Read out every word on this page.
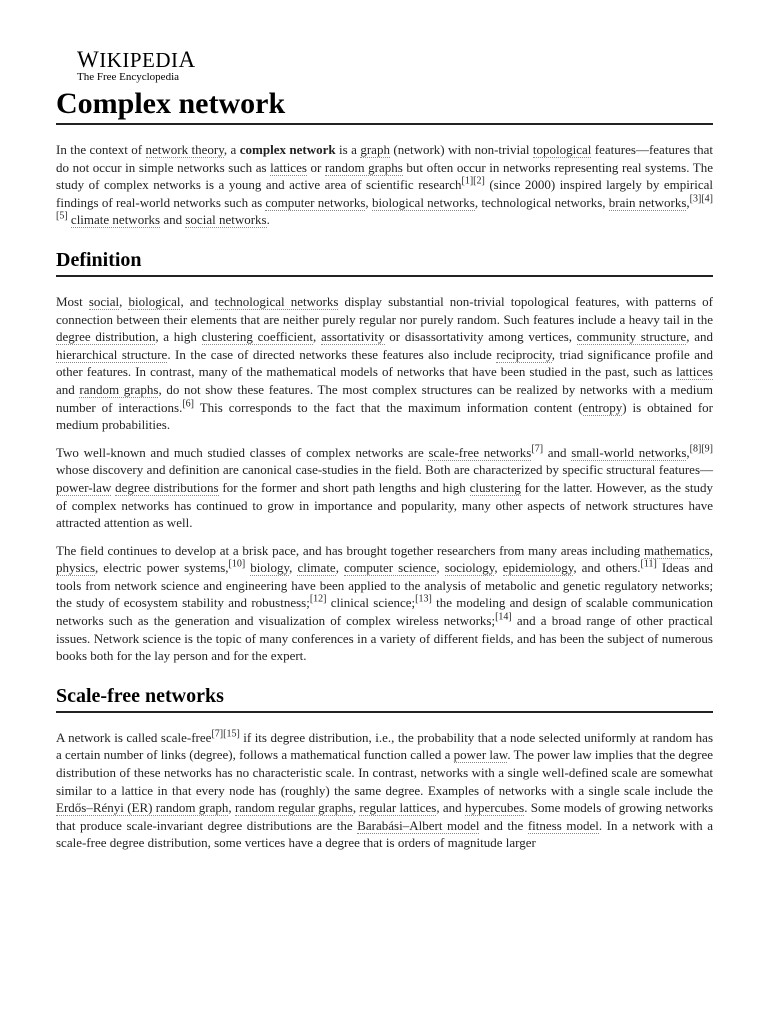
WIKIPEDIA
The Free Encyclopedia
Complex network

In the context of network theory, a complex network is a graph (network) with non-trivial topological features—features that do not occur in simple networks such as lattices or random graphs but often occur in networks representing real systems. The study of complex networks is a young and active area of scientific research[1][2] (since 2000) inspired largely by empirical findings of real-world networks such as computer networks, biological networks, technological networks, brain networks,[3][4][5] climate networks and social networks.

Definition

Most social, biological, and technological networks display substantial non-trivial topological features, with patterns of connection between their elements that are neither purely regular nor purely random. Such features include a heavy tail in the degree distribution, a high clustering coefficient, assortativity or disassortativity among vertices, community structure, and hierarchical structure. In the case of directed networks these features also include reciprocity, triad significance profile and other features. In contrast, many of the mathematical models of networks that have been studied in the past, such as lattices and random graphs, do not show these features. The most complex structures can be realized by networks with a medium number of interactions.[6] This corresponds to the fact that the maximum information content (entropy) is obtained for medium probabilities.

Two well-known and much studied classes of complex networks are scale-free networks[7] and small-world networks,[8][9] whose discovery and definition are canonical case-studies in the field. Both are characterized by specific structural features—power-law degree distributions for the former and short path lengths and high clustering for the latter. However, as the study of complex networks has continued to grow in importance and popularity, many other aspects of network structures have attracted attention as well.

The field continues to develop at a brisk pace, and has brought together researchers from many areas including mathematics, physics, electric power systems,[10] biology, climate, computer science, sociology, epidemiology, and others.[11] Ideas and tools from network science and engineering have been applied to the analysis of metabolic and genetic regulatory networks; the study of ecosystem stability and robustness;[12] clinical science;[13] the modeling and design of scalable communication networks such as the generation and visualization of complex wireless networks;[14] and a broad range of other practical issues. Network science is the topic of many conferences in a variety of different fields, and has been the subject of numerous books both for the lay person and for the expert.

Scale-free networks

A network is called scale-free[7][15] if its degree distribution, i.e., the probability that a node selected uniformly at random has a certain number of links (degree), follows a mathematical function called a power law. The power law implies that the degree distribution of these networks has no characteristic scale. In contrast, networks with a single well-defined scale are somewhat similar to a lattice in that every node has (roughly) the same degree. Examples of networks with a single scale include the Erdős–Rényi (ER) random graph, random regular graphs, regular lattices, and hypercubes. Some models of growing networks that produce scale-invariant degree distributions are the Barabási–Albert model and the fitness model. In a network with a scale-free degree distribution, some vertices have a degree that is orders of magnitude larger
